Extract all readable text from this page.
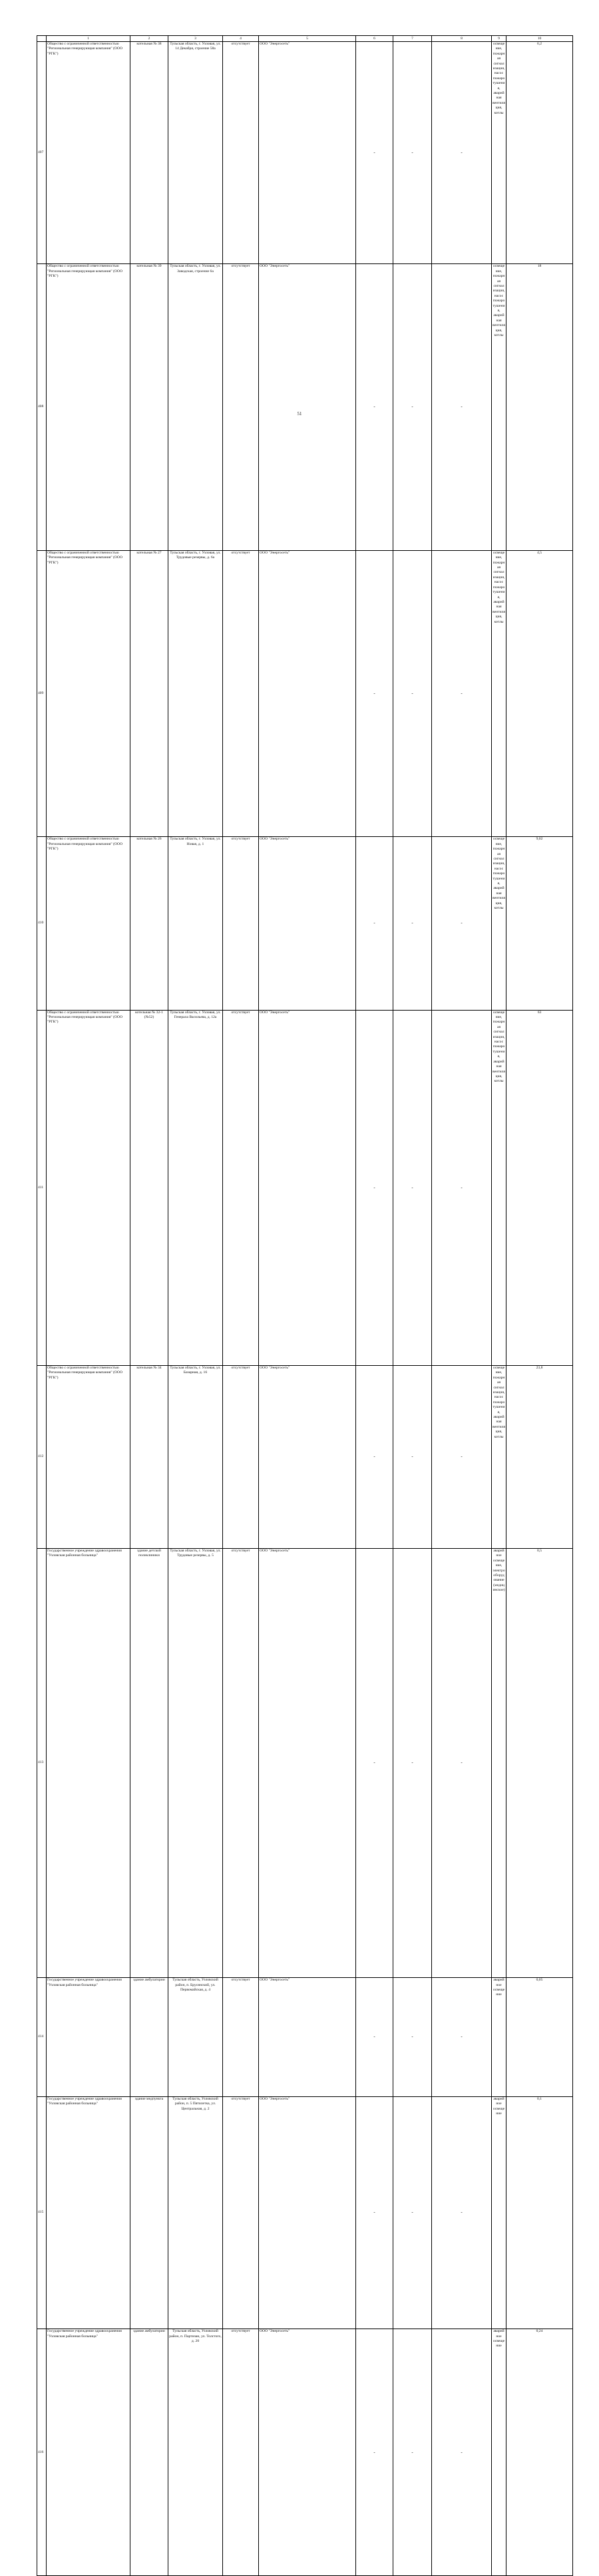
	1	2	3	4	5	6	7	8	9	10	
407	Общество с ограниченной ответственностью "Региональная генерирующая компания" (ООО "РГК")	котельная № 38	Тульская область, г. Узловая, ул. 14 Декабря, строение 58а	отсутствует	ООО "Энергосеть"	-	-	-	освещение, пожарная сигнализация, насос пожаротушения, аварийная вентиляция, котлы	6,2	
408	Общество с ограниченной ответственностью "Региональная генерирующая компания" (ООО "РГК")	котельная № 39	Тульская область, г. Узловая, ул. Заводская, строение 6а	отсутствует	ООО "Энергосеть"	-	-	-	освещение, пожарная сигнализация, насос пожаротушения, аварийная вентиляция, котлы	18	
409	Общество с ограниченной ответственностью "Региональная генерирующая компания" (ООО "РГК")	котельная № 27	Тульская область, г. Узловая, ул. Трудовые резервы, д. 6а	отсутствует	ООО "Энергосеть"	-	-	-	освещение, пожарная сигнализация, насос пожаротушения, аварийная вентиляция, котлы	4,5	
410	Общество с ограниченной ответственностью "Региональная генерирующая компания" (ООО "РГК")	котельная № 26	Тульская область, г. Узловая, ул. Новая, д. 1	отсутствует	ООО "Энергосеть"	-	-	-	освещение, пожарная сигнализация, насос пожаротушения, аварийная вентиляция, котлы	9,02	
411	Общество с ограниченной ответственностью "Региональная генерирующая компания" (ООО "РГК")	котельная № 32-1 (№52)	Тульская область, г. Узловая, ул. Генерала Васильева, д. 12а	отсутствует	ООО "Энергосеть"	-	-	-	освещение, пожарная сигнализация, насос пожаротушения, аварийная вентиляция, котлы	63	
412	Общество с ограниченной ответственностью "Региональная генерирующая компания" (ООО "РГК")	котельная № 34	Тульская область, г. Узловая, ул. Базарная, д. 16	отсутствует	ООО "Энергосеть"	-	-	-	освещение, пожарная сигнализация, насос пожаротушения, аварийная вентиляция, котлы	23,8	
413	Государственное учреждение здравоохранения "Узловская районная больница"	здание детской поликлиники	Тульская область, г. Узловая, ул. Трудовые резервы, д. 5	отсутствует	ООО "Энергосеть"	-	-	-	аварийное освещение, электрооборудование (медицинское)	0,5	
414	Государственное учреждение здравоохранения "Узловская районная больница"	здание амбулатории	Тульская область, Узловский район, п. Брусянский, ул. Первомайская, д. 4	отсутствует	ООО "Энергосеть"	-	-	-	аварийное освещение	0,05	
415	Государственное учреждение здравоохранения "Узловская районная больница"	здание медпункта	Тульская область, Узловский район, п. 5 Пятилетка, ул. Центральная, д. 2	отсутствует	ООО "Энергосеть"	-	-	-	аварийное освещение	0,1	
416	Государственное учреждение здравоохранения "Узловская районная больница"	здание амбулатории	Тульская область, Узловский район, п. Партизан, ул. Толстого, д. 20	отсутствует	ООО "Энергосеть"	-	-	-	аварийное освещение	0,24	
51
